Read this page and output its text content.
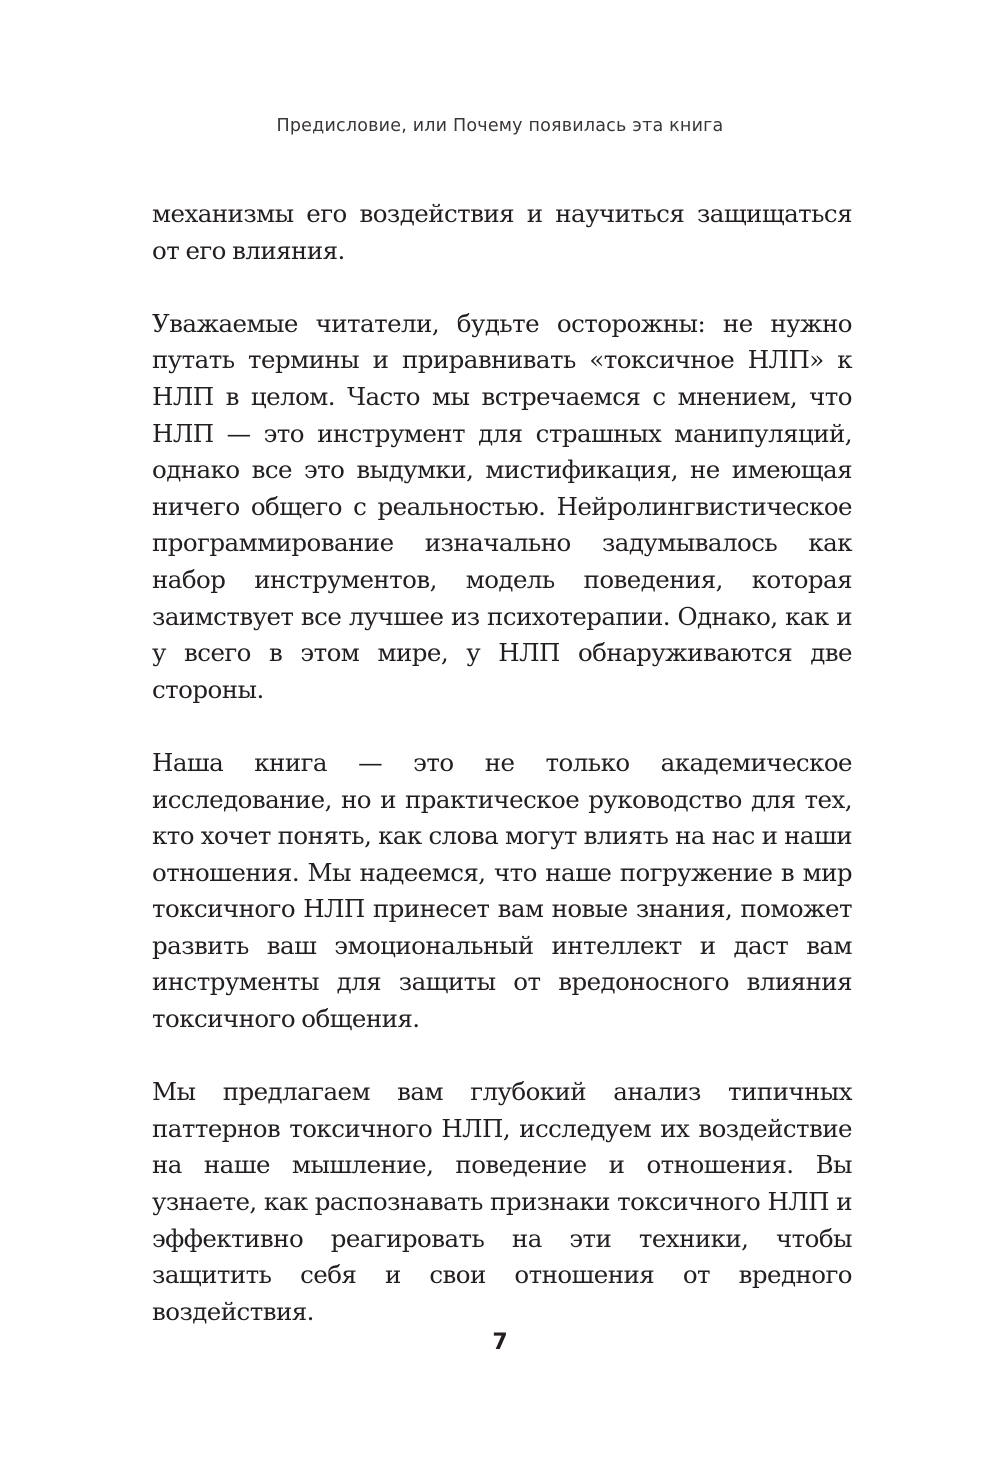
Предисловие, или Почему появилась эта книга

механизмы его воздействия и научиться защищаться от его влияния.

Уважаемые читатели, будьте осторожны: не нужно путать термины и приравнивать «токсичное НЛП» к НЛП в целом. Часто мы встречаемся с мнением, что НЛП — это инструмент для страшных манипуляций, однако все это выдумки, мистификация, не имеющая ничего общего с реальностью. Нейролингвистическое программирование изначально задумывалось как набор инструментов, модель поведения, которая заимствует все лучшее из психотерапии. Однако, как и у всего в этом мире, у НЛП обнаруживаются две стороны.

Наша книга — это не только академическое исследование, но и практическое руководство для тех, кто хочет понять, как слова могут влиять на нас и наши отношения. Мы надеемся, что наше погружение в мир токсичного НЛП принесет вам новые знания, поможет развить ваш эмоциональный интеллект и даст вам инструменты для защиты от вредоносного влияния токсичного общения.

Мы предлагаем вам глубокий анализ типичных паттернов токсичного НЛП, исследуем их воздействие на наше мышление, поведение и отношения. Вы узнаете, как распознавать признаки токсичного НЛП и эффективно реагировать на эти техники, чтобы защитить себя и свои отношения от вредного воздействия.

7
